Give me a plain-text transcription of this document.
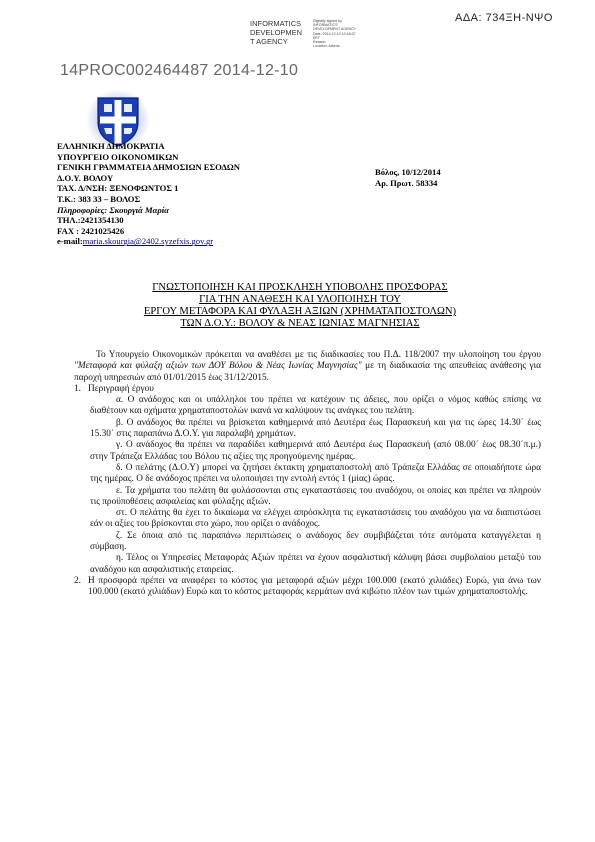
ΑΔΑ: 734ΞΗ-ΝΨΟ
INFORMATICS
DEVELOPMEN
T AGENCY
Digitally signed by
INFORMATICS
DEVELOPMENT AGENCY
Date: 2014.12.10 10:18:37
EET
Reason:
Location: Athens
14PROC002464487 2014-12-10
ΕΛΛΗΝΙΚΗ ΔΗΜΟΚΡΑΤΙΑ
ΥΠΟΥΡΓΕΙΟ ΟΙΚΟΝΟΜΙΚΩΝ
ΓΕΝΙΚΗ ΓΡΑΜΜΑΤΕΙΑ ΔΗΜΟΣΙΩΝ ΕΣΟΔΩΝ
Δ.Ο.Υ. ΒΟΛΟΥ
ΤΑΧ. Δ/ΝΣΗ: ΞΕΝΟΦΩΝΤΟΣ 1
Τ.Κ.: 383 33 – ΒΟΛΟΣ
Πληροφορίες: Σκουργιά Μαρία
ΤΗΛ.:2421354130
FAX : 2421025426
e-mail:maria.skourgia@2402.syzefxis.gov.gr
Βόλος, 10/12/2014
Αρ. Πρωτ. 58334
ΓΝΩΣΤΟΠΟΙΗΣΗ ΚΑΙ ΠΡΟΣΚΛΗΣΗ ΥΠΟΒΟΛΗΣ ΠΡΟΣΦΟΡΑΣ
ΓΙΑ ΤΗΝ ΑΝΑΘΕΣΗ ΚΑΙ ΥΛΟΠΟΙΗΣΗ ΤΟΥ
ΕΡΓΟΥ ΜΕΤΑΦΟΡΑ ΚΑΙ ΦΥΛΑΞΗ ΑΞΙΩΝ (ΧΡΗΜΑΤΑΠΟΣΤΟΛΩΝ)
ΤΩΝ Δ.Ο.Υ.: ΒΟΛΟΥ & ΝΕΑΣ ΙΩΝΙΑΣ ΜΑΓΝΗΣΙΑΣ

Το Υπουργείο Οικονομικών πρόκειται να αναθέσει με τις διαδικασίες του Π.Δ. 118/2007 την υλοποίηση του έργου "Μεταφορά και φύλαξη αξιών των ΔΟΥ Βόλου & Νέας Ιωνίας Μαγνησίας" με τη διαδικασία της απευθείας ανάθεσης για παροχή υπηρεσιών από 01/01/2015 έως 31/12/2015.

1. Περιγραφή έργου

α. Ο ανάδοχος και οι υπάλληλοι του πρέπει να κατέχουν τις άδειες, που ορίζει ο νόμος καθώς επίσης να διαθέτουν και οχήματα χρηματαποστολών ικανά να καλύψουν τις ανάγκες του πελάτη.

β. Ο ανάδοχος θα πρέπει να βρίσκεται καθημερινά από Δευτέρα έως Παρασκευή και για τις ώρες 14.30΄ έως 15.30΄ στις παραπάνω Δ.Ο.Υ. για παραλαβή χρημάτων.

γ. Ο ανάδοχος θα πρέπει να παραδίδει καθημερινά από Δευτέρα έως Παρασκευή (από 08.00΄ έως 08.30΄π.μ.) στην Τράπεζα Ελλάδας του Βόλου τις αξίες της προηγούμενης ημέρας.

δ. Ο πελάτης (Δ.Ο.Υ) μπορεί να ζητήσει έκτακτη χρηματαποστολή από Τράπεζα Ελλάδας σε οποιαδήποτε ώρα της ημέρας. Ο δε ανάδοχος πρέπει να υλοποιήσει την εντολή εντός 1 (μίας) ώρας.

ε. Τα χρήματα του πελάτη θα φυλάσσονται στις εγκαταστάσεις του αναδόχου, οι οποίες και πρέπει να πληρούν τις προϋποθέσεις ασφαλείας και φύλαξης αξιών.

στ. Ο πελάτης θα έχει το δικαίωμα να ελέγχει απρόσκλητα τις εγκαταστάσεις του αναδόχου για να διαπιστώσει εάν οι αξίες του βρίσκονται στο χώρο, που ορίζει ο ανάδοχος.

ζ. Σε όποια από τις παραπάνω περιπτώσεις ο ανάδοχος δεν συμβιβάζεται τότε αυτόματα καταγγέλεται η σύμβαση.

η. Τέλος οι Υπηρεσίες Μεταφοράς Αξιών πρέπει να έχουν ασφαλιστική κάλυψη βάσει συμβολαίου μεταξύ του αναδόχου και ασφαλιστικής εταιρείας.

2. Η προσφορά πρέπει να αναφέρει το κόστος για μεταφορά αξιών μέχρι 100.000 (εκατό χιλιάδες) Ευρώ, για άνω των 100.000 (εκατό χιλιάδων) Ευρώ και το κόστος μεταφοράς κερμάτων ανά κιβώτιο πλέον των τιμών χρηματαποστολής.
